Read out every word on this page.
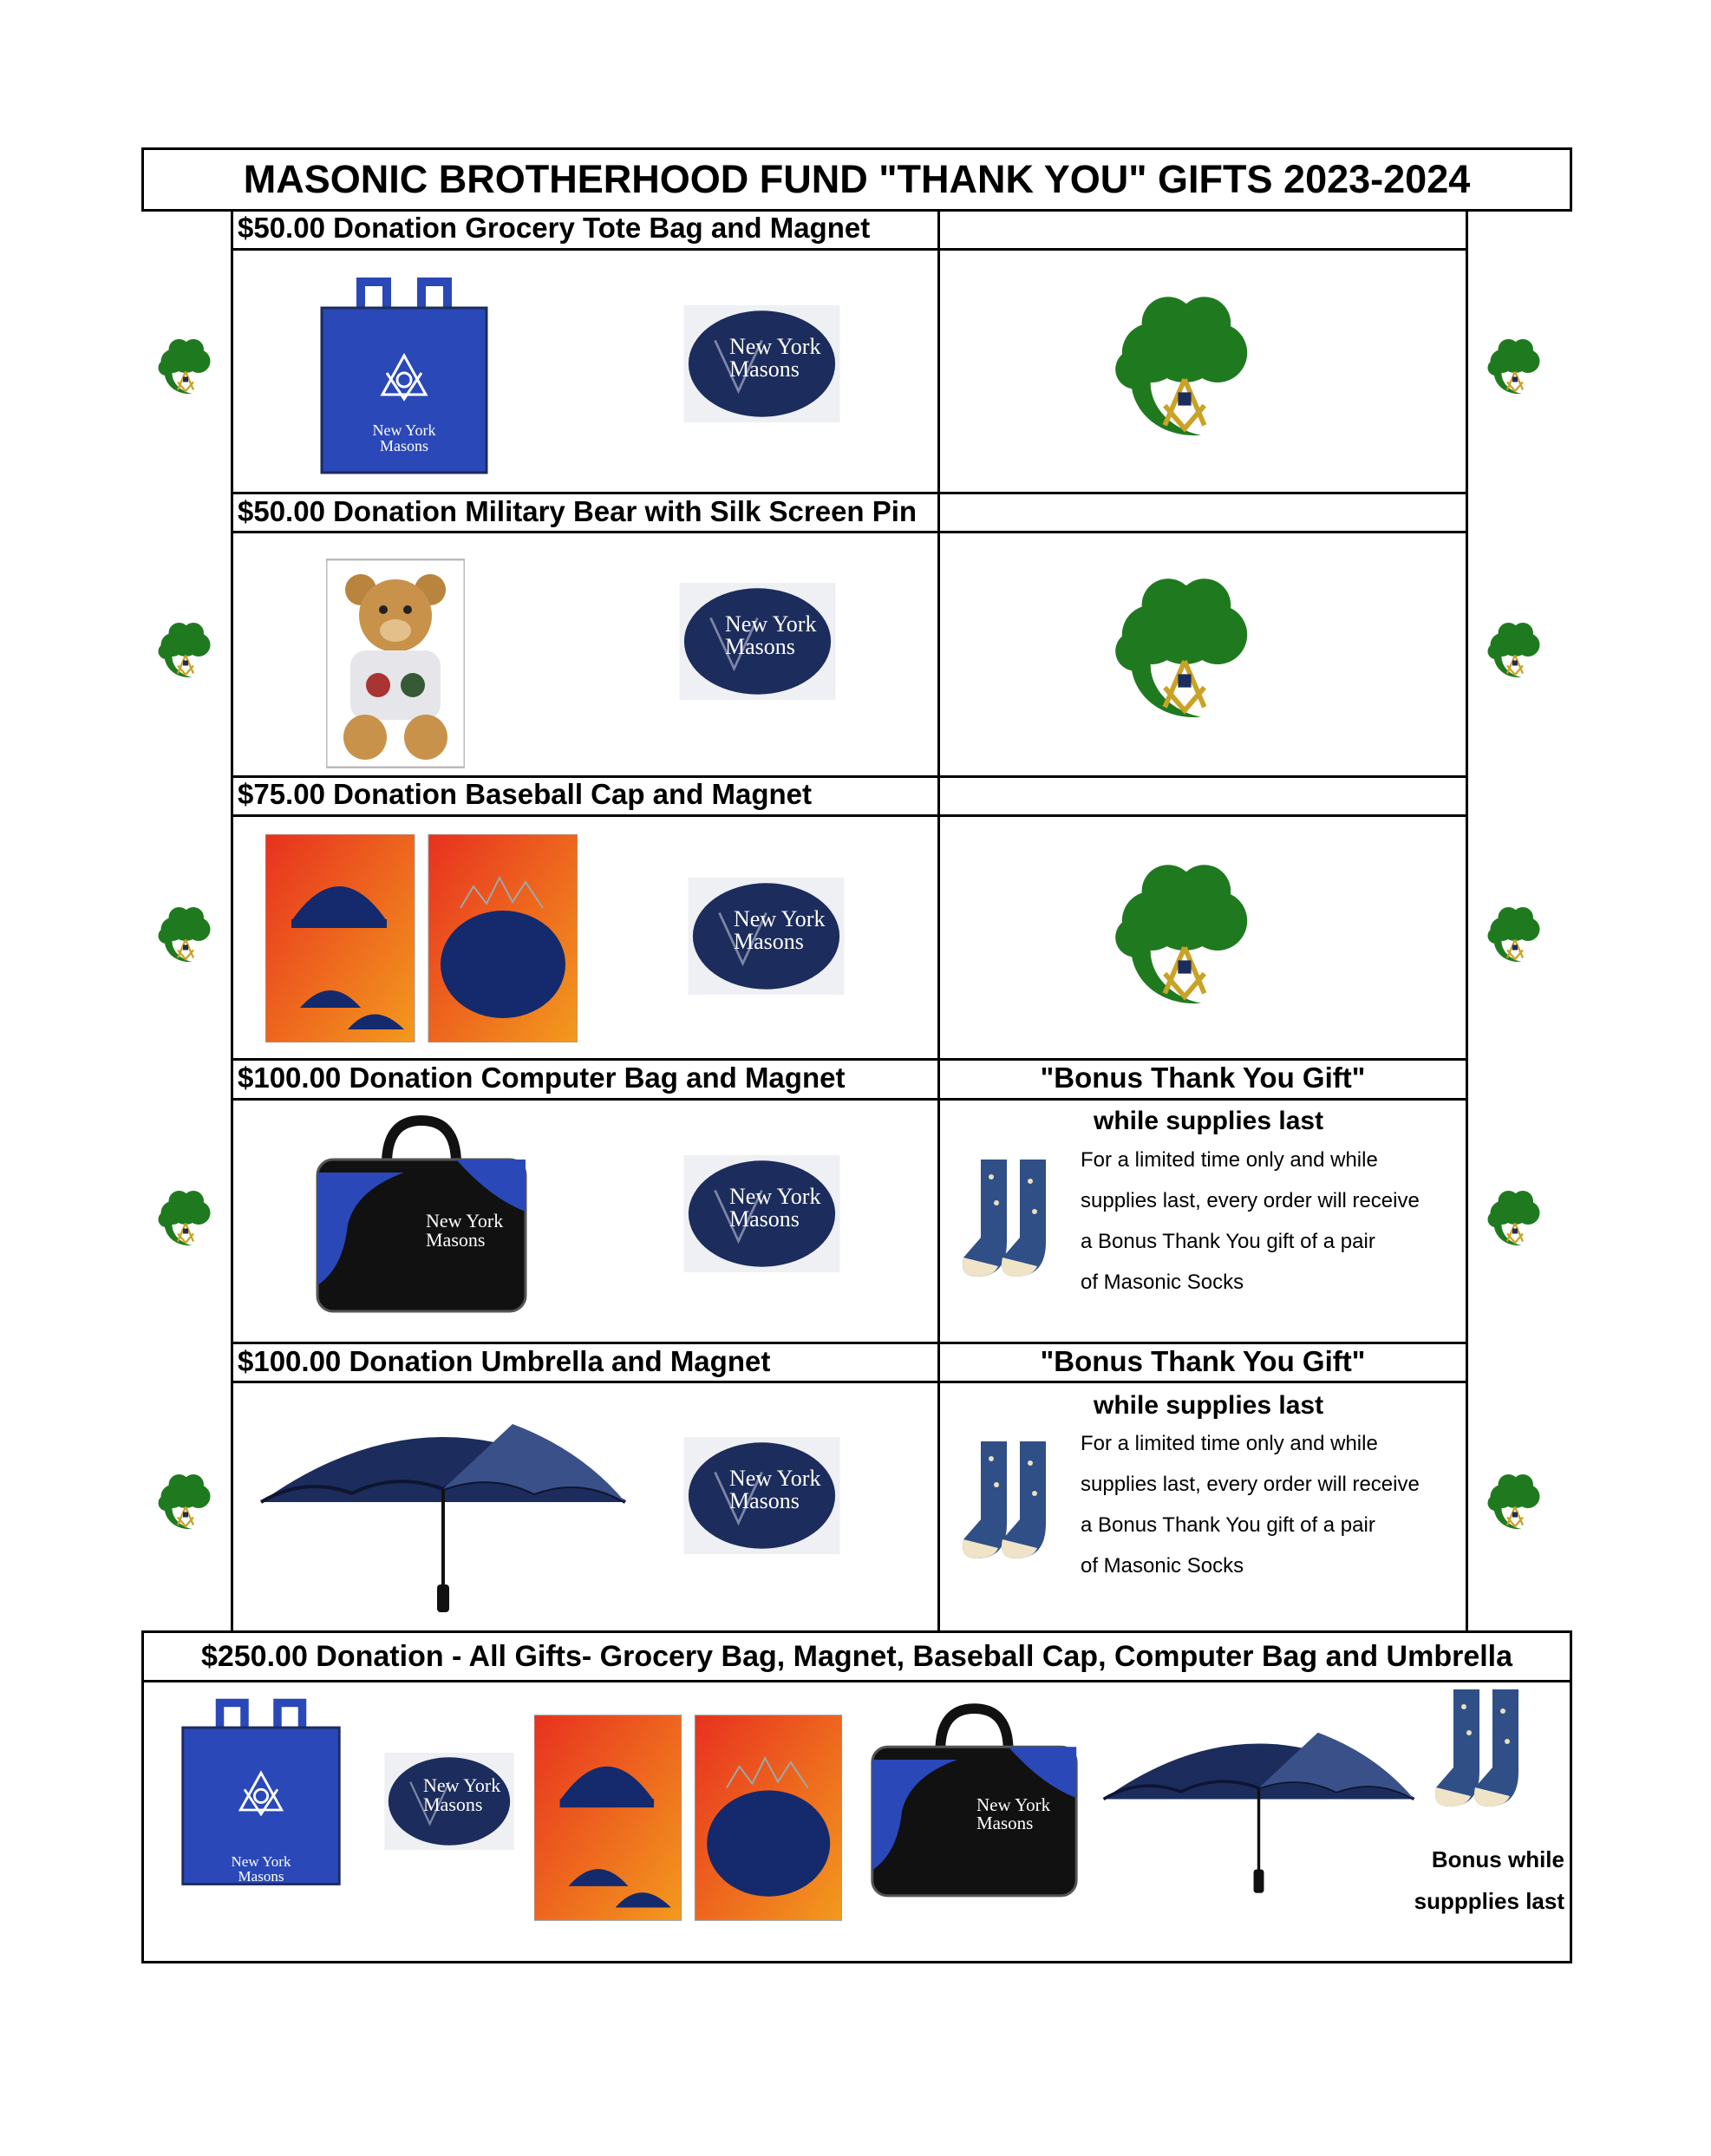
MASONIC BROTHERHOOD FUND "THANK YOU" GIFTS 2023-2024
$50.00 Donation Grocery Tote Bag and Magnet
New York
Masons
New York
Masons
$50.00 Donation Military Bear with Silk Screen Pin
New York
Masons
$75.00 Donation Baseball Cap and Magnet
New York
Masons
$100.00 Donation Computer Bag and Magnet	"Bonus Thank You Gift"
New York
Masons
New York
Masons
while supplies last
For a limited time only and while
supplies last, every order will receive
a Bonus Thank You gift of a pair
of Masonic Socks
$100.00 Donation Umbrella and Magnet	"Bonus Thank You Gift"
New York
Masons
while supplies last
For a limited time only and while
supplies last, every order will receive
a Bonus Thank You gift of a pair
of Masonic Socks
$250.00 Donation - All Gifts- Grocery Bag, Magnet, Baseball Cap, Computer Bag and Umbrella
New York
Masons
New York
Masons	New York
Masons
Bonus while
suppplies last
